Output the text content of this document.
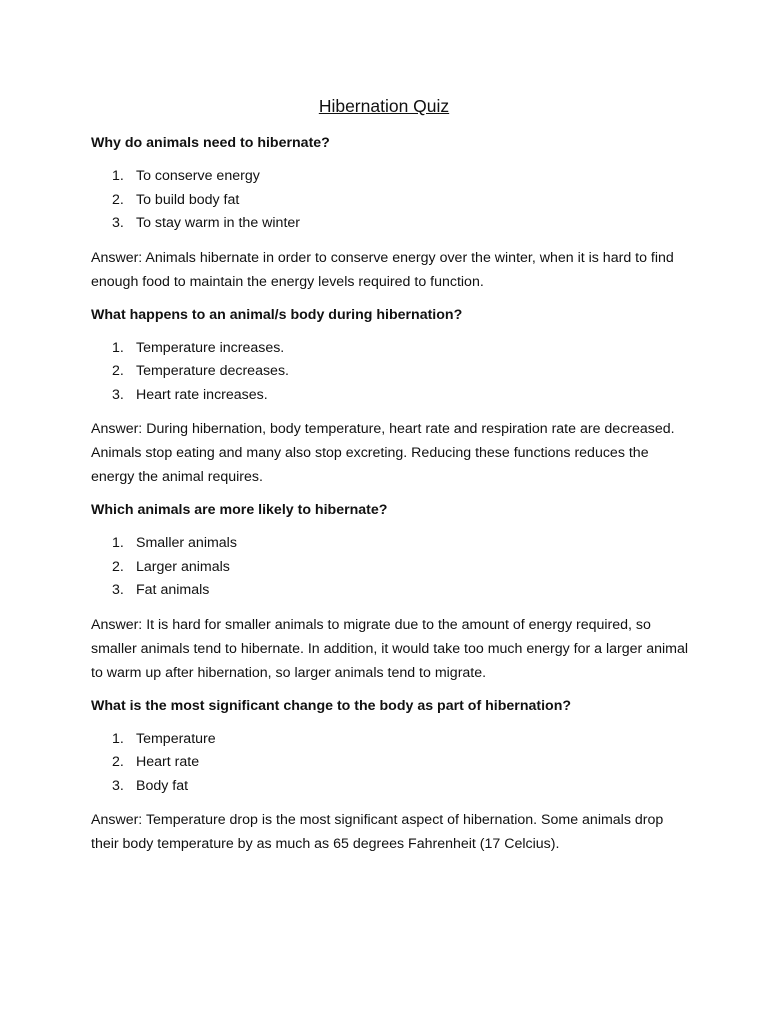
Hibernation Quiz

Why do animals need to hibernate?

1. To conserve energy
2. To build body fat
3. To stay warm in the winter

Answer: Animals hibernate in order to conserve energy over the winter, when it is hard to find enough food to maintain the energy levels required to function.

What happens to an animal/s body during hibernation?

1. Temperature increases.
2. Temperature decreases.
3. Heart rate increases.

Answer: During hibernation, body temperature, heart rate and respiration rate are decreased. Animals stop eating and many also stop excreting. Reducing these functions reduces the energy the animal requires.

Which animals are more likely to hibernate?

1. Smaller animals
2. Larger animals
3. Fat animals

Answer: It is hard for smaller animals to migrate due to the amount of energy required, so smaller animals tend to hibernate. In addition, it would take too much energy for a larger animal to warm up after hibernation, so larger animals tend to migrate.

What is the most significant change to the body as part of hibernation?

1. Temperature
2. Heart rate
3. Body fat

Answer: Temperature drop is the most significant aspect of hibernation. Some animals drop their body temperature by as much as 65 degrees Fahrenheit (17 Celcius).
